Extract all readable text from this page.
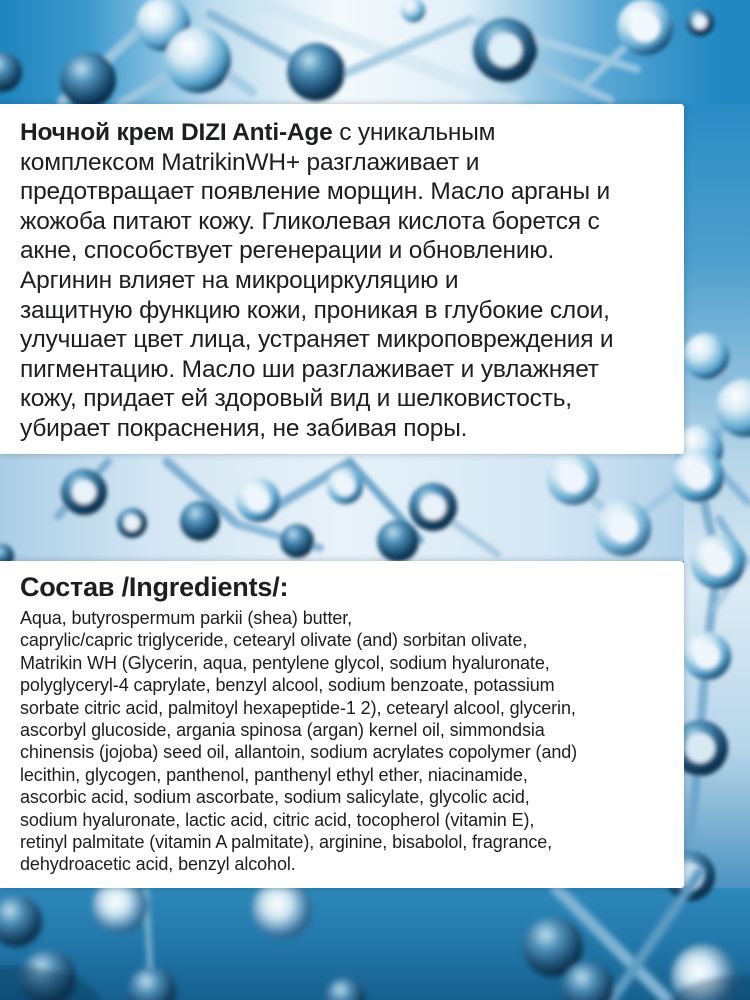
Ночной крем DIZI Anti-Age с уникальным
комплексом MatrikinWH+ разглаживает и
предотвращает появление морщин. Масло арганы и
жожоба питают кожу. Гликолевая кислота борется с
акне, способствует регенерации и обновлению.
Аргинин влияет на микроциркуляцию и
защитную функцию кожи, проникая в глубокие слои,
улучшает цвет лица, устраняет микроповреждения и
пигментацию. Масло ши разглаживает и увлажняет
кожу, придает ей здоровый вид и шелковистость,
убирает покраснения, не забивая поры.
Состав /Ingredients/:
Aqua, butyrospermum parkii (shea) butter,
caprylic/capric triglyceride, cetearyl olivate (and) sorbitan olivate,
Matrikin WH (Glycerin, aqua, pentylene glycol, sodium hyaluronate,
polyglyceryl-4 caprylate, benzyl alcool, sodium benzoate, potassium
sorbate citric acid, palmitoyl hexapeptide-1 2), cetearyl alcool, glycerin,
ascorbyl glucoside, argania spinosa (argan) kernel oil, simmondsia
chinensis (jojoba) seed oil, allantoin, sodium acrylates copolymer (and)
lecithin, glycogen, panthenol, panthenyl ethyl ether, niacinamide,
ascorbic acid, sodium ascorbate, sodium salicylate, glycolic acid,
sodium hyaluronate, lactic acid, citric acid, tocopherol (vitamin E),
retinyl palmitate (vitamin A palmitate), arginine, bisabolol, fragrance,
dehydroacetic acid, benzyl alcohol.
